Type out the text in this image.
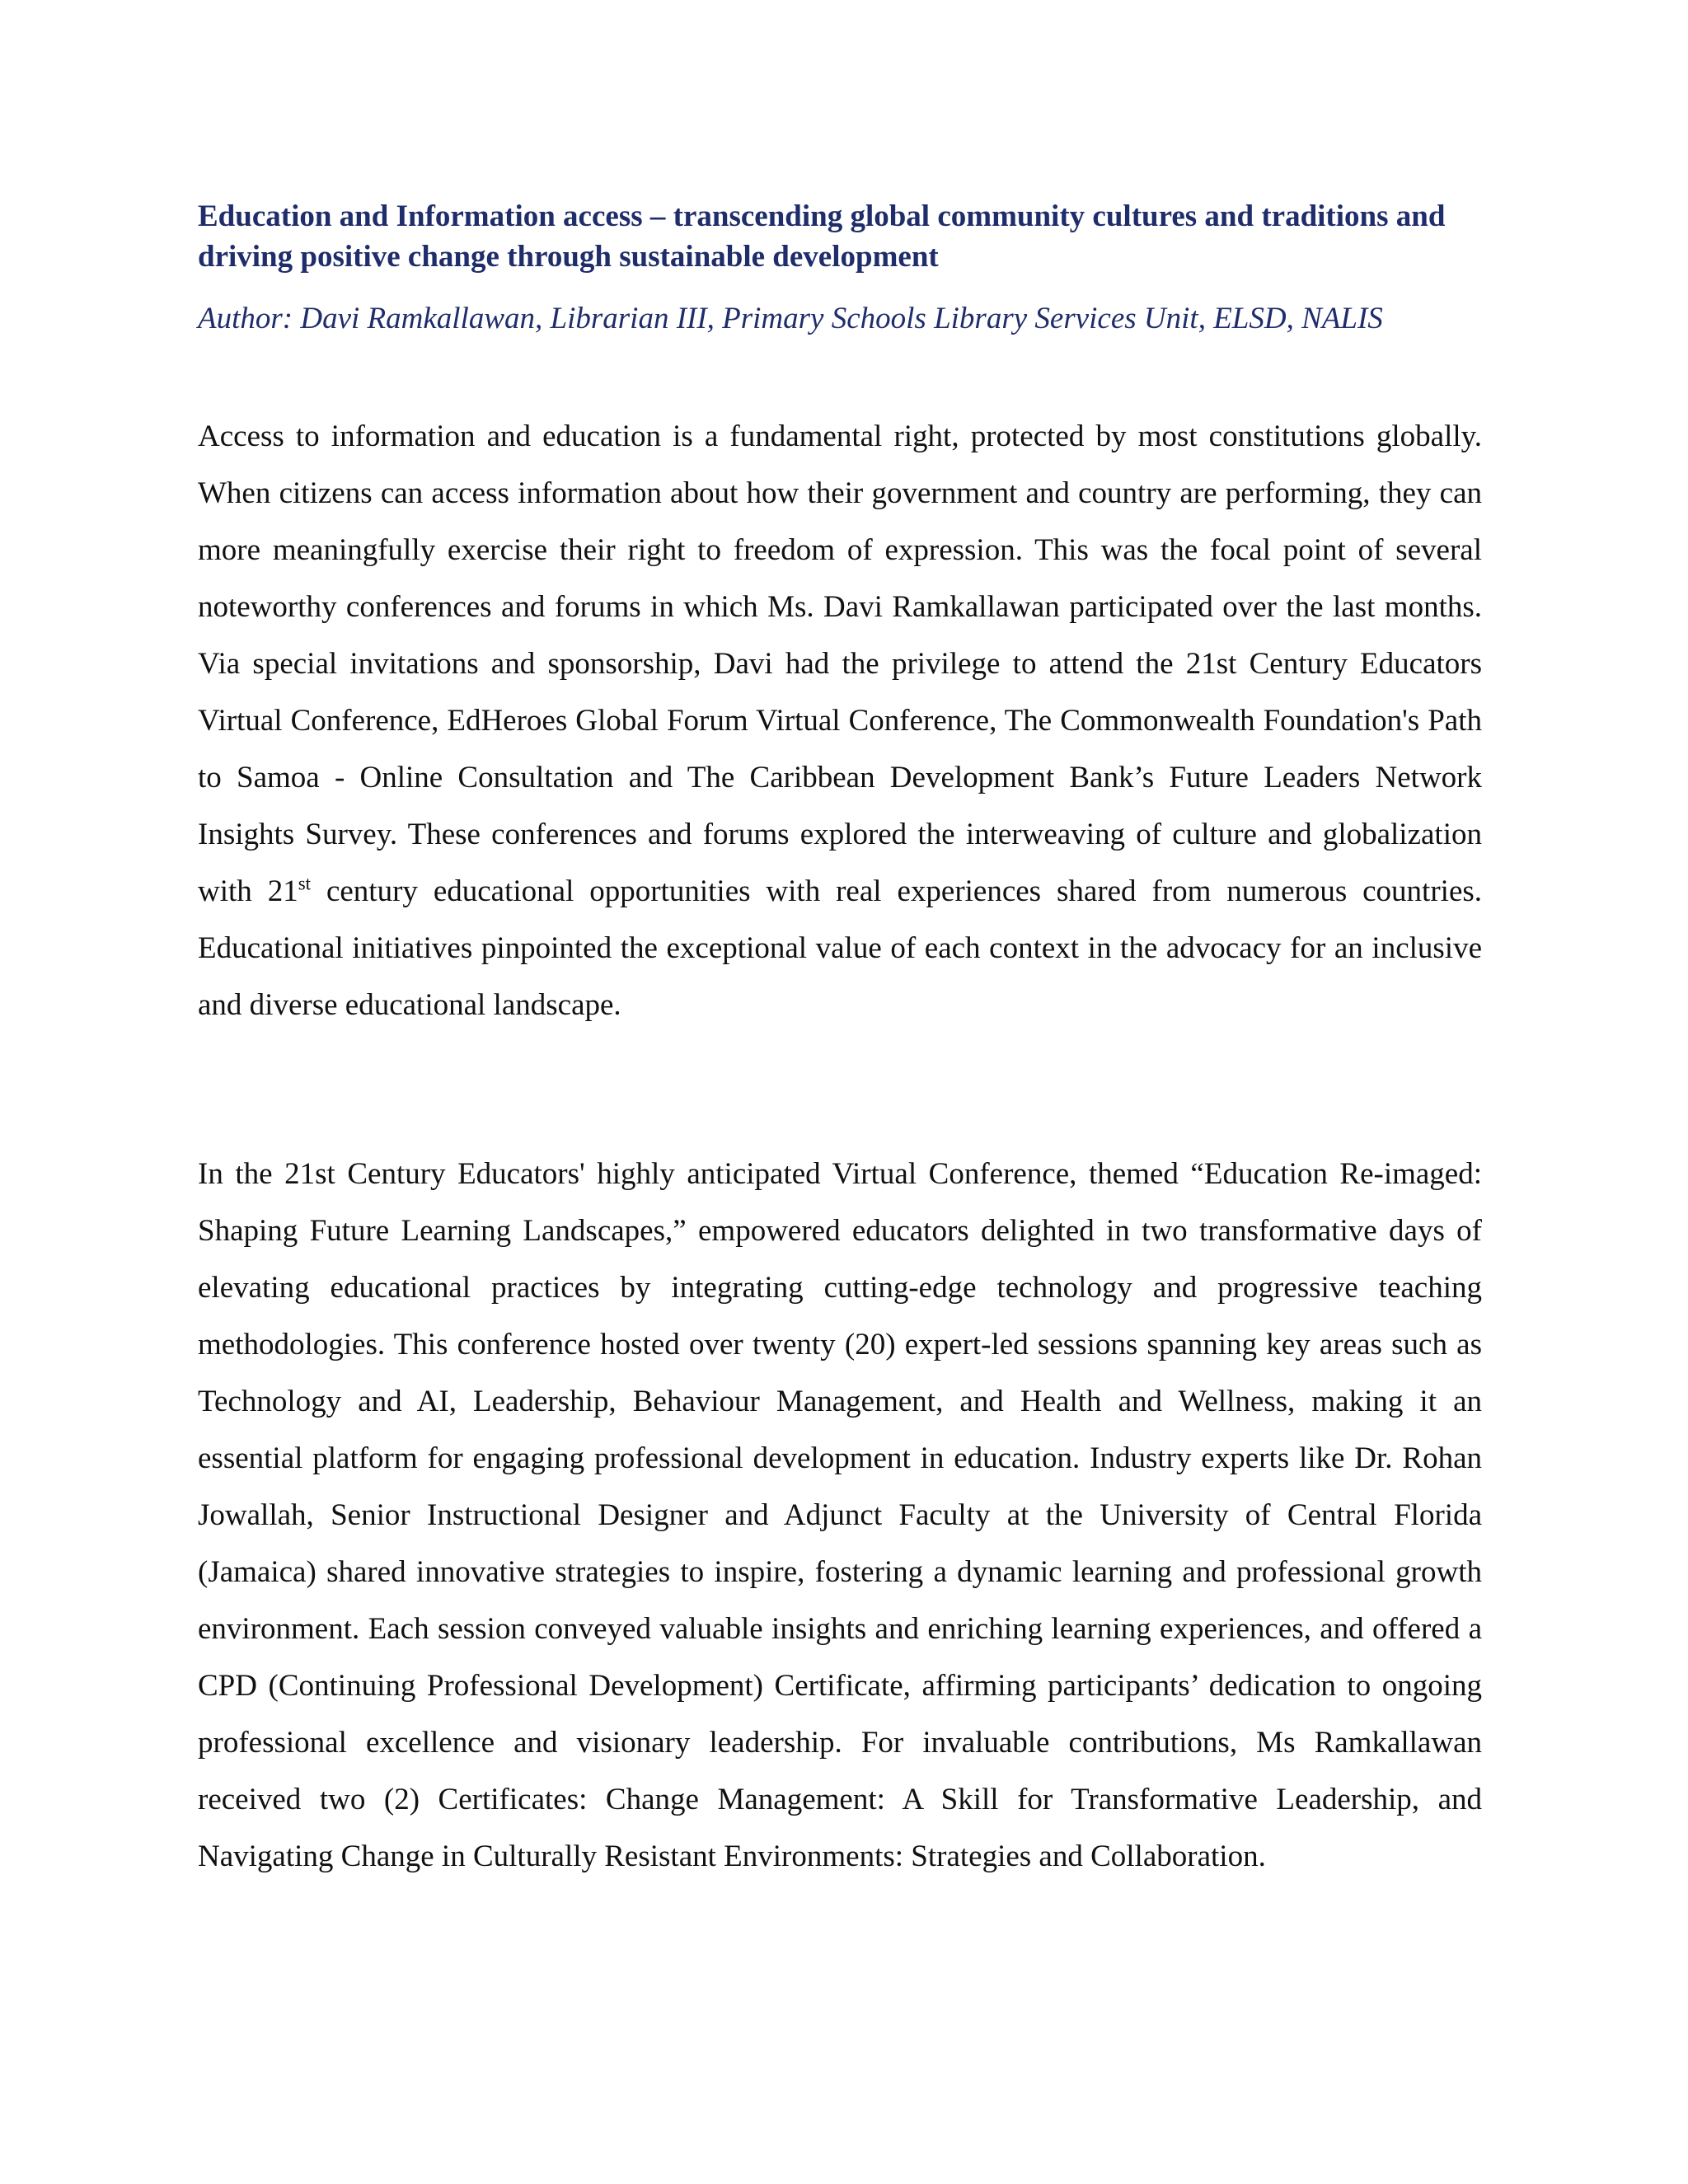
Education and Information access – transcending global community cultures and traditions and driving positive change through sustainable development

Author: Davi Ramkallawan, Librarian III, Primary Schools Library Services Unit, ELSD, NALIS

Access to information and education is a fundamental right, protected by most constitutions globally. When citizens can access information about how their government and country are performing, they can more meaningfully exercise their right to freedom of expression. This was the focal point of several noteworthy conferences and forums in which Ms. Davi Ramkallawan participated over the last months. Via special invitations and sponsorship, Davi had the privilege to attend the 21st Century Educators Virtual Conference, EdHeroes Global Forum Virtual Conference, The Commonwealth Foundation's Path to Samoa - Online Consultation and The Caribbean Development Bank’s Future Leaders Network Insights Survey. These conferences and forums explored the interweaving of culture and globalization with 21st century educational opportunities with real experiences shared from numerous countries. Educational initiatives pinpointed the exceptional value of each context in the advocacy for an inclusive and diverse educational landscape.

In the 21st Century Educators' highly anticipated Virtual Conference, themed “Education Re-imaged: Shaping Future Learning Landscapes,” empowered educators delighted in two transformative days of elevating educational practices by integrating cutting-edge technology and progressive teaching methodologies. This conference hosted over twenty (20) expert-led sessions spanning key areas such as Technology and AI, Leadership, Behaviour Management, and Health and Wellness, making it an essential platform for engaging professional development in education. Industry experts like Dr. Rohan Jowallah, Senior Instructional Designer and Adjunct Faculty at the University of Central Florida (Jamaica) shared innovative strategies to inspire, fostering a dynamic learning and professional growth environment. Each session conveyed valuable insights and enriching learning experiences, and offered a CPD (Continuing Professional Development) Certificate, affirming participants’ dedication to ongoing professional excellence and visionary leadership. For invaluable contributions, Ms Ramkallawan received two (2) Certificates: Change Management: A Skill for Transformative Leadership, and Navigating Change in Culturally Resistant Environments: Strategies and Collaboration.
